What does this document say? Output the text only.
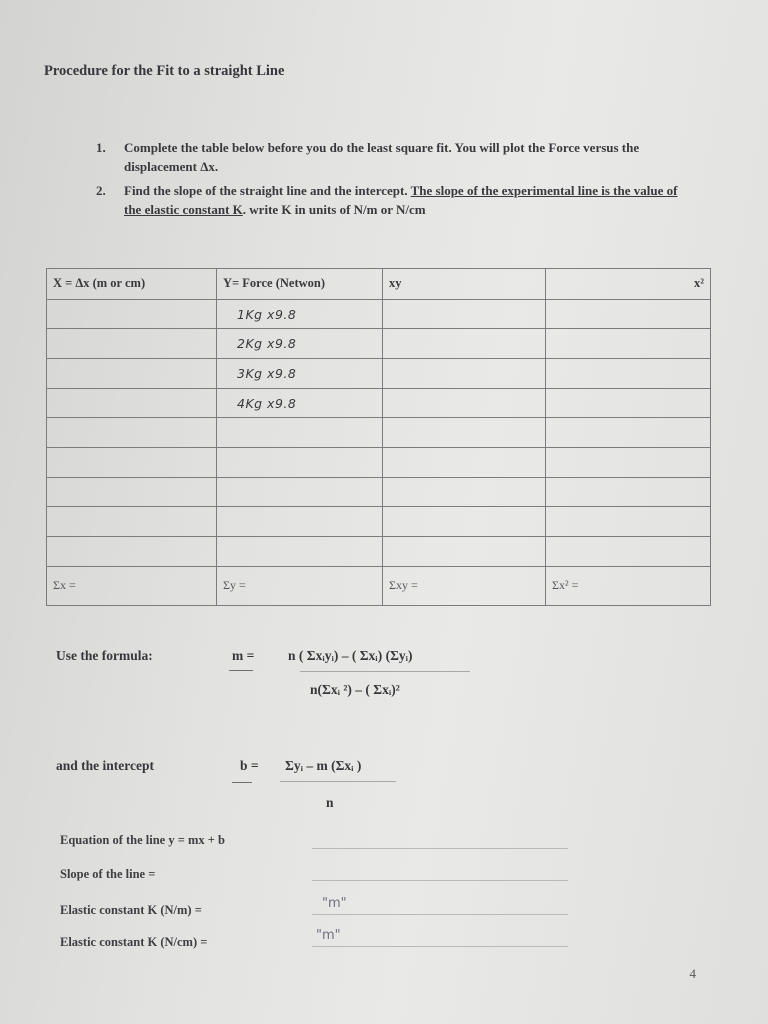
Procedure for the Fit to a straight Line
1. Complete the table below before you do the least square fit. You will plot the Force versus the displacement Δx.
2. Find the slope of the straight line and the intercept. The slope of the experimental line is the value of the elastic constant K. write K in units of N/m or N/cm
X = Δx (m or cm)	Y= Force (Netwon)	xy	x²
	1Kg x9.8		
	2Kg x9.8		
	3Kg x9.8		
	4Kg x9.8		

Σx =	Σy =	Σxy =	Σx² =
Use the formula:	m = n ( Σxᵢyᵢ) – ( Σxᵢ) (Σyᵢ)
n(Σxᵢ ²) – ( Σxᵢ)²
and the intercept	b = Σyᵢ – m (Σxᵢ )
n
Equation of the line y = mx + b
Slope of the line =
Elastic constant K (N/m) =	"m"
Elastic constant K (N/cm) =	"m"
4
